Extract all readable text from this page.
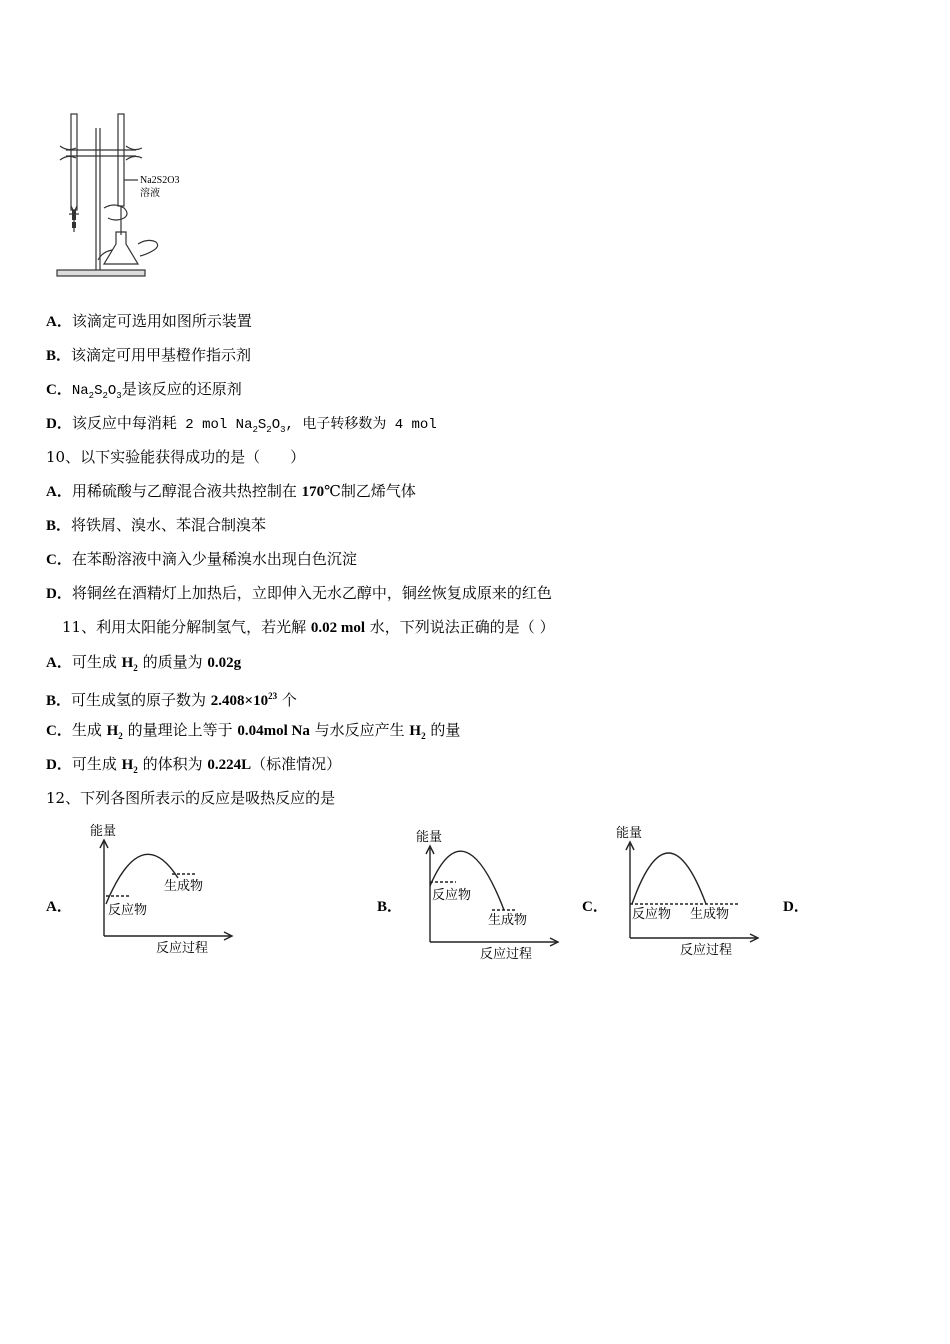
Na2S2O3
溶液
A．该滴定可选用如图所示装置
B．该滴定可用甲基橙作指示剂
C．$Na_2S_2O_3$是该反应的还原剂
D．该反应中每消耗 2 mol $Na_2S_2O_3$, 电子转移数为 4 mol
10、以下实验能获得成功的是（　　）
A．用稀硫酸与乙醇混合液共热控制在 170℃制乙烯气体
B．将铁屑、溴水、苯混合制溴苯
C．在苯酚溶液中滴入少量稀溴水出现白色沉淀
D．将铜丝在酒精灯上加热后，立即伸入无水乙醇中，铜丝恢复成原来的红色
11、利用太阳能分解制氢气，若光解 0.02 mol 水，下列说法正确的是（ ）
A．可生成 $H_2$ 的质量为 0.02g
B．可生成氢的原子数为 $2.408\times 10^{23}$ 个
C．生成 $H_2$ 的量理论上等于 0.04mol Na 与水反应产生 $H_2$ 的量
D．可生成 $H_2$ 的体积为 0.224L（标准情况）
12、下列各图所表示的反应是吸热反应的是
A．	B．	C．	D．
能量
反应物
生成物
反应过程
能量
反应物
生成物
反应过程
能量
反应物 生成物
反应过程
